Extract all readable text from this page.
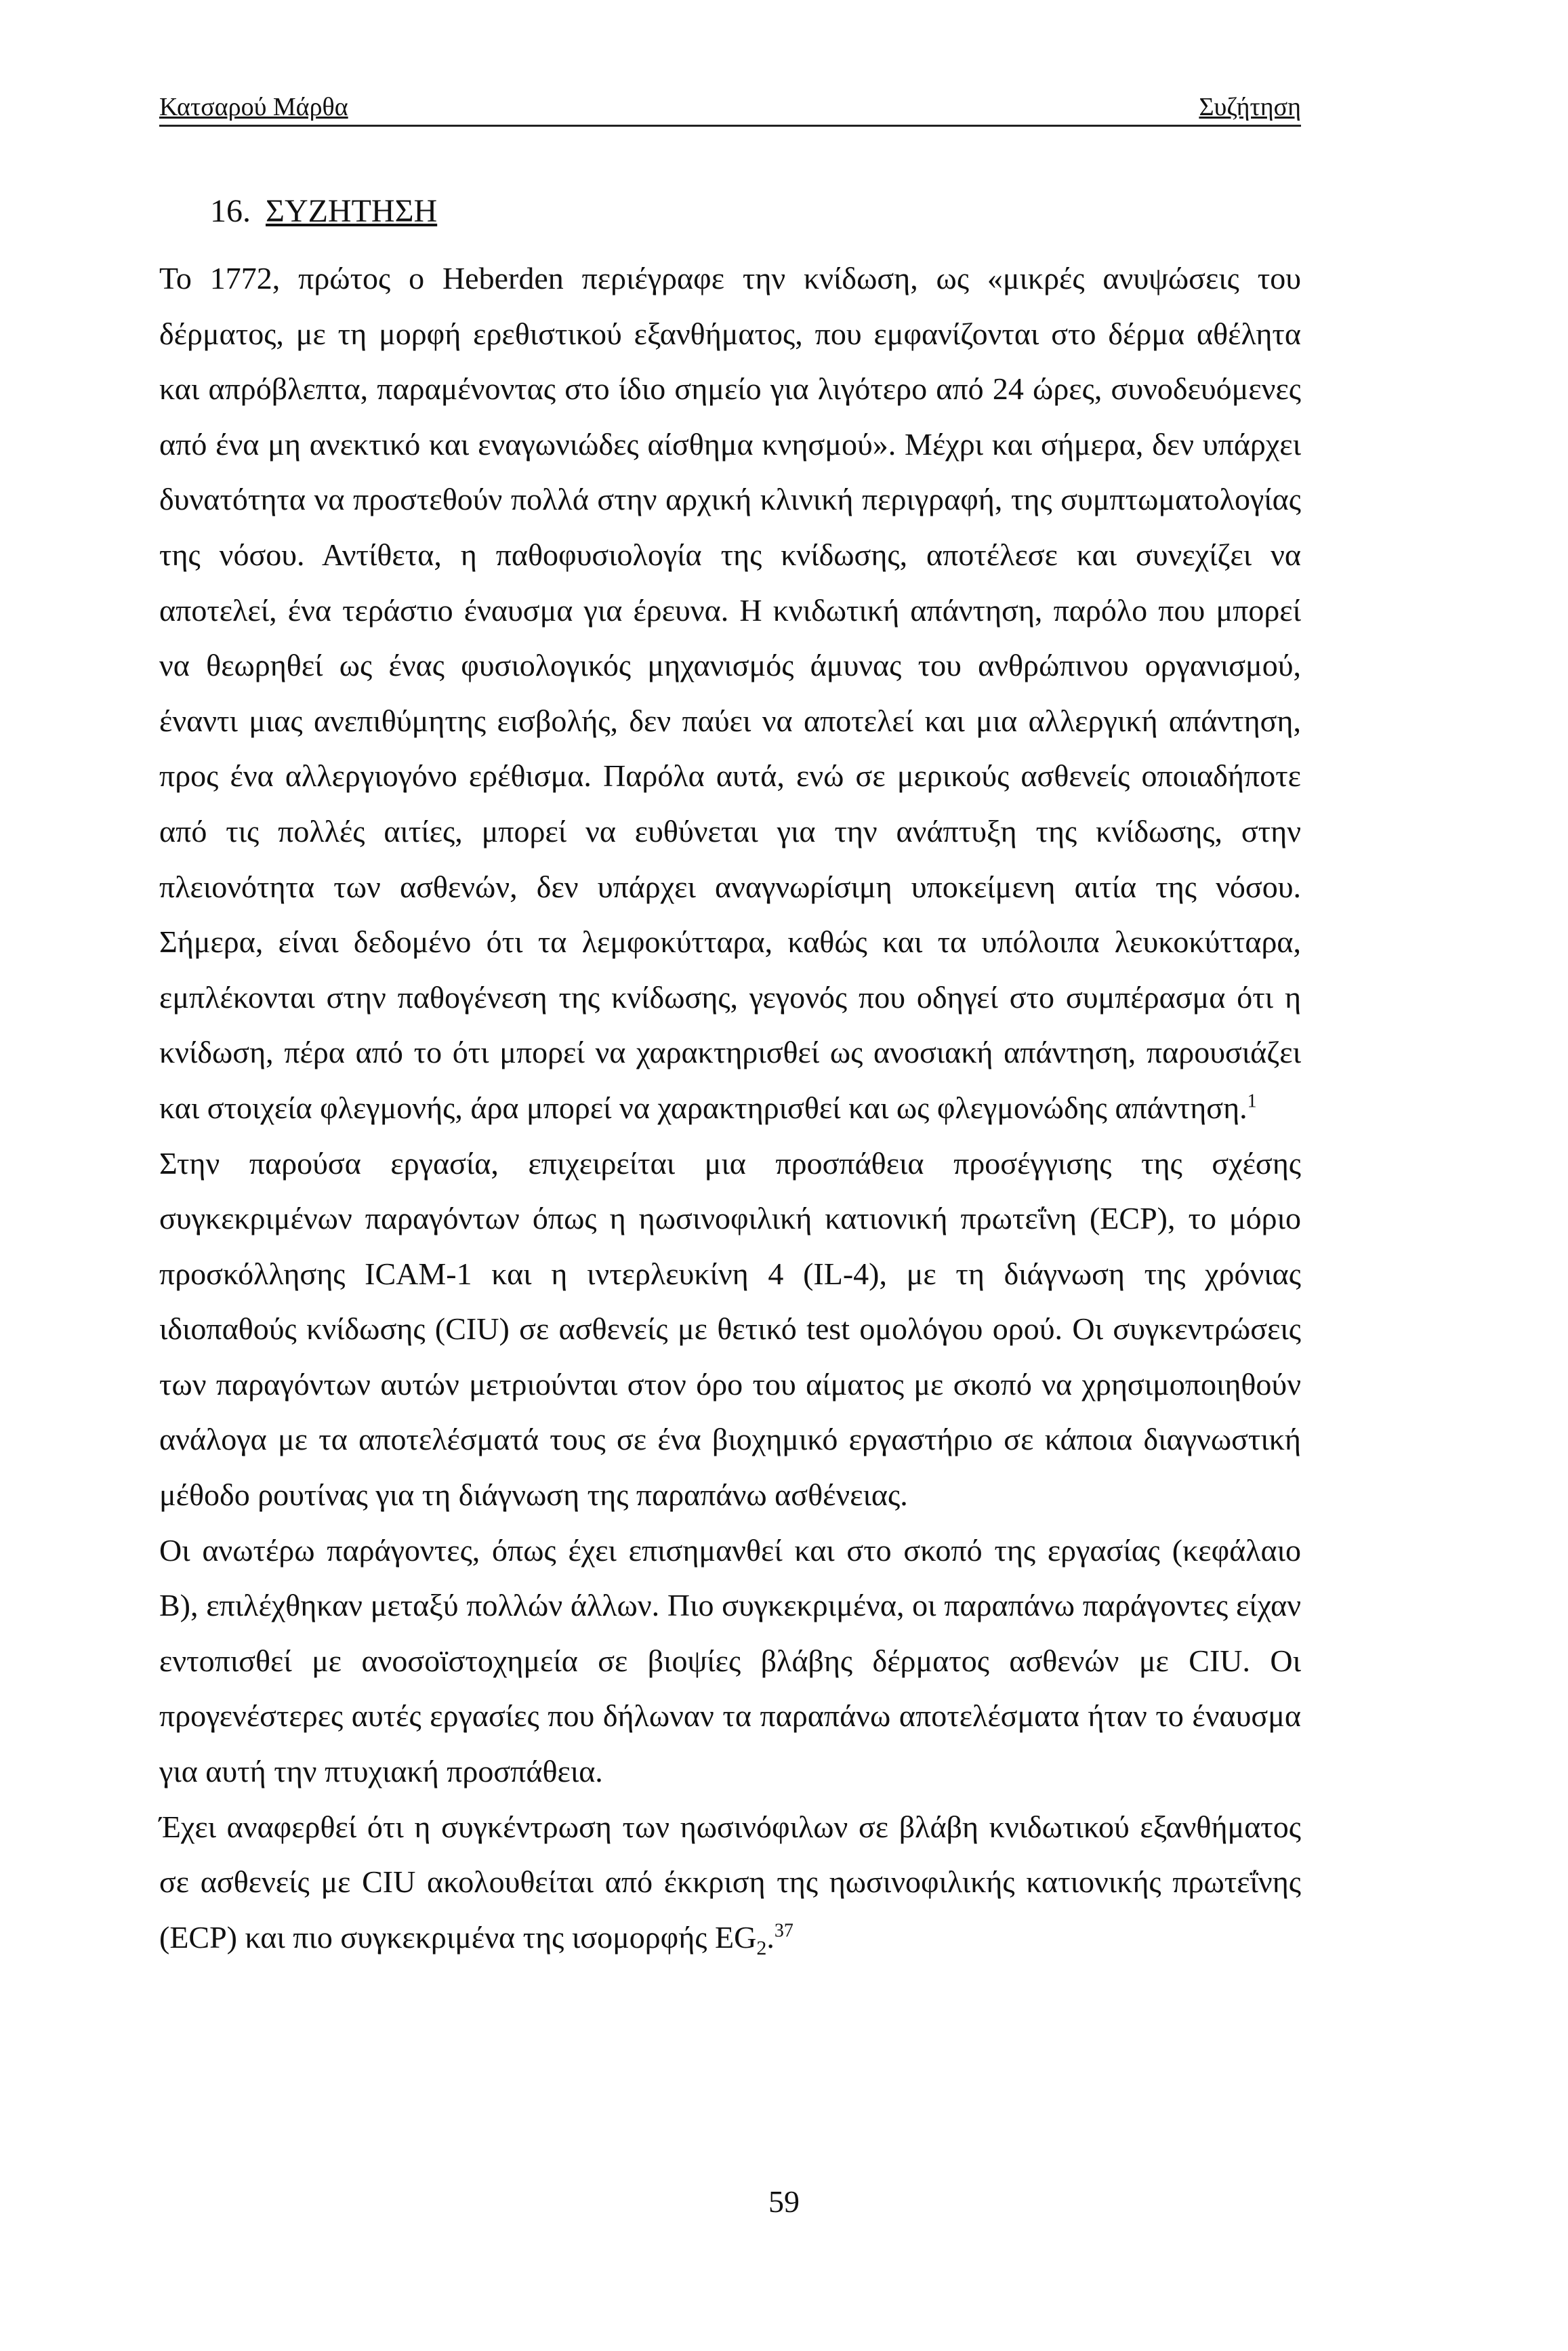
Κατσαρού Μάρθα	Συζήτηση
16. ΣΥΖΗΤΗΣΗ

Το 1772, πρώτος ο Heberden περιέγραφε την κνίδωση, ως «μικρές ανυψώσεις του δέρματος, με τη μορφή ερεθιστικού εξανθήματος, που εμφανίζονται στο δέρμα αθέλητα και απρόβλεπτα, παραμένοντας στο ίδιο σημείο για λιγότερο από 24 ώρες, συνοδευόμενες από ένα μη ανεκτικό και εναγωνιώδες αίσθημα κνησμού». Μέχρι και σήμερα, δεν υπάρχει δυνατότητα να προστεθούν πολλά στην αρχική κλινική περιγραφή, της συμπτωματολογίας της νόσου. Αντίθετα, η παθοφυσιολογία της κνίδωσης, αποτέλεσε και συνεχίζει να αποτελεί, ένα τεράστιο έναυσμα για έρευνα. Η κνιδωτική απάντηση, παρόλο που μπορεί να θεωρηθεί ως ένας φυσιολογικός μηχανισμός άμυνας του ανθρώπινου οργανισμού, έναντι μιας ανεπιθύμητης εισβολής, δεν παύει να αποτελεί και μια αλλεργική απάντηση, προς ένα αλλεργιογόνο ερέθισμα. Παρόλα αυτά, ενώ σε μερικούς ασθενείς οποιαδήποτε από τις πολλές αιτίες, μπορεί να ευθύνεται για την ανάπτυξη της κνίδωσης, στην πλειονότητα των ασθενών, δεν υπάρχει αναγνωρίσιμη υποκείμενη αιτία της νόσου. Σήμερα, είναι δεδομένο ότι τα λεμφοκύτταρα, καθώς και τα υπόλοιπα λευκοκύτταρα, εμπλέκονται στην παθογένεση της κνίδωσης, γεγονός που οδηγεί στο συμπέρασμα ότι η κνίδωση, πέρα από το ότι μπορεί να χαρακτηρισθεί ως ανοσιακή απάντηση, παρουσιάζει και στοιχεία φλεγμονής, άρα μπορεί να χαρακτηρισθεί και ως φλεγμονώδης απάντηση.$^1$

Στην παρούσα εργασία, επιχειρείται μια προσπάθεια προσέγγισης της σχέσης συγκεκριμένων παραγόντων όπως η ηωσινοφιλική κατιονική πρωτεΐνη (ECP), το μόριο προσκόλλησης ICAM-1 και η ιντερλευκίνη 4 (IL-4), με τη διάγνωση της χρόνιας ιδιοπαθούς κνίδωσης (CIU) σε ασθενείς με θετικό test ομολόγου ορού. Οι συγκεντρώσεις των παραγόντων αυτών μετριούνται στον όρο του αίματος με σκοπό να χρησιμοποιηθούν ανάλογα με τα αποτελέσματά τους σε ένα βιοχημικό εργαστήριο σε κάποια διαγνωστική μέθοδο ρουτίνας για τη διάγνωση της παραπάνω ασθένειας.

Οι ανωτέρω παράγοντες, όπως έχει επισημανθεί και στο σκοπό της εργασίας (κεφάλαιο Β), επιλέχθηκαν μεταξύ πολλών άλλων. Πιο συγκεκριμένα, οι παραπάνω παράγοντες είχαν εντοπισθεί με ανοσοϊστοχημεία σε βιοψίες βλάβης δέρματος ασθενών με CIU. Οι προγενέστερες αυτές εργασίες που δήλωναν τα παραπάνω αποτελέσματα ήταν το έναυσμα για αυτή την πτυχιακή προσπάθεια.

Έχει αναφερθεί ότι η συγκέντρωση των ηωσινόφιλων σε βλάβη κνιδωτικού εξανθήματος σε ασθενείς με CIU ακολουθείται από έκκριση της ηωσινοφιλικής κατιονικής πρωτεΐνης (ECP) και πιο συγκεκριμένα της ισομορφής $EG_2.^{37}$

59
